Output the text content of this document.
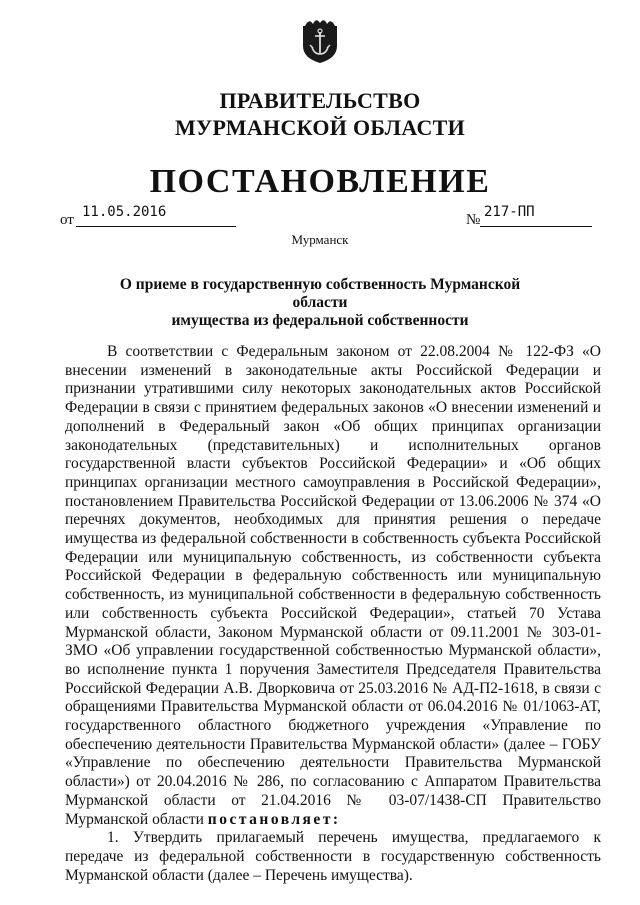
ПРАВИТЕЛЬСТВО
МУРМАНСКОЙ ОБЛАСТИ
ПОСТАНОВЛЕНИЕ
от 11.05.2016	№ 217-ПП
Мурманск
О приеме в государственную собственность Мурманской области
имущества из федеральной собственности

В соответствии с Федеральным законом от 22.08.2004 № 122-ФЗ «О внесении изменений в законодательные акты Российской Федерации и признании утратившими силу некоторых законодательных актов Российской Федерации в связи с принятием федеральных законов «О внесении изменений и дополнений в Федеральный закон «Об общих принципах организации законодательных (представительных) и исполнительных органов государственной власти субъектов Российской Федерации» и «Об общих принципах организации местного самоуправления в Российской Федерации», постановлением Правительства Российской Федерации от 13.06.2006 № 374 «О перечнях документов, необходимых для принятия решения о передаче имущества из федеральной собственности в собственность субъекта Российской Федерации или муниципальную собственность, из собственности субъекта Российской Федерации в федеральную собственность или муниципальную собственность, из муниципальной собственности в федеральную собственность или собственность субъекта Российской Федерации», статьей 70 Устава Мурманской области, Законом Мурманской области от 09.11.2001 № 303-01-ЗМО «Об управлении государственной собственностью Мурманской области», во исполнение пункта 1 поручения Заместителя Председателя Правительства Российской Федерации А.В. Дворковича от 25.03.2016 № АД-П2-1618, в связи с обращениями Правительства Мурманской области от 06.04.2016 № 01/1063-АТ, государственного областного бюджетного учреждения «Управление по обеспечению деятельности Правительства Мурманской области» (далее – ГОБУ «Управление по обеспечению деятельности Правительства Мурманской области») от 20.04.2016 № 286, по согласованию с Аппаратом Правительства Мурманской области от 21.04.2016 № 03-07/1438-СП Правительство Мурманской области постановляет:

1. Утвердить прилагаемый перечень имущества, предлагаемого к передаче из федеральной собственности в государственную собственность Мурманской области (далее – Перечень имущества).
